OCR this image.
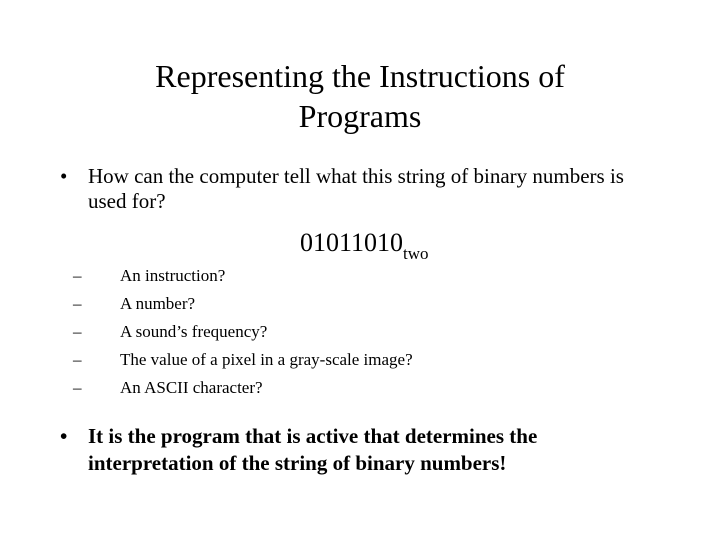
Representing the Instructions of
Programs
• How can the computer tell what this string of binary numbers is used for?
$01011010_{two}$
– An instruction?
– A number?
– A sound’s frequency?
– The value of a pixel in a gray-scale image?
– An ASCII character?
• It is the program that is active that determines the interpretation of the string of binary numbers!
